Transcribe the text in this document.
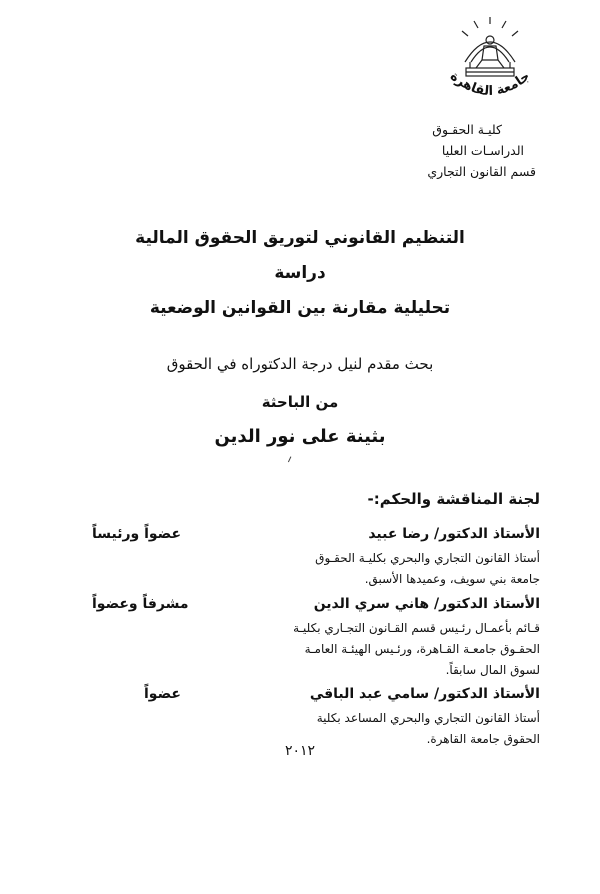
جامعة القاهرة
كليـة الحقـوق
الدراسـات العليا
قسم القانون التجاري
التنظيم القانوني لتوريق الحقوق المالية
دراسة
تحليلية مقارنة بين القوانين الوضعية
بحث مقدم لنيل درجة الدكتوراه في الحقوق
من الباحثة
بثينة على نور الدين
لجنة المناقشة والحكم:-
الأستاذ الدكتور/ رضا عبيد
عضواً ورئيساً
أستاذ القانون التجاري والبحري بكليـة الحقـوق
جامعة بني سويف، وعميدها الأسبق.
الأستاذ الدكتور/ هاني سري الدين
مشرفاً وعضواً
قـائم بأعمـال رئـيس قسم القـانون التجـاري بكليـة
الحقـوق جامعـة القـاهرة، ورئـيس الهيئـة العامـة
لسوق المال سابقاً.
الأستاذ الدكتور/ سامي عبد الباقي
عضواً
أستاذ القانون التجاري والبحري المساعد بكلية
الحقوق جامعة القاهرة.
٢٠١٢
